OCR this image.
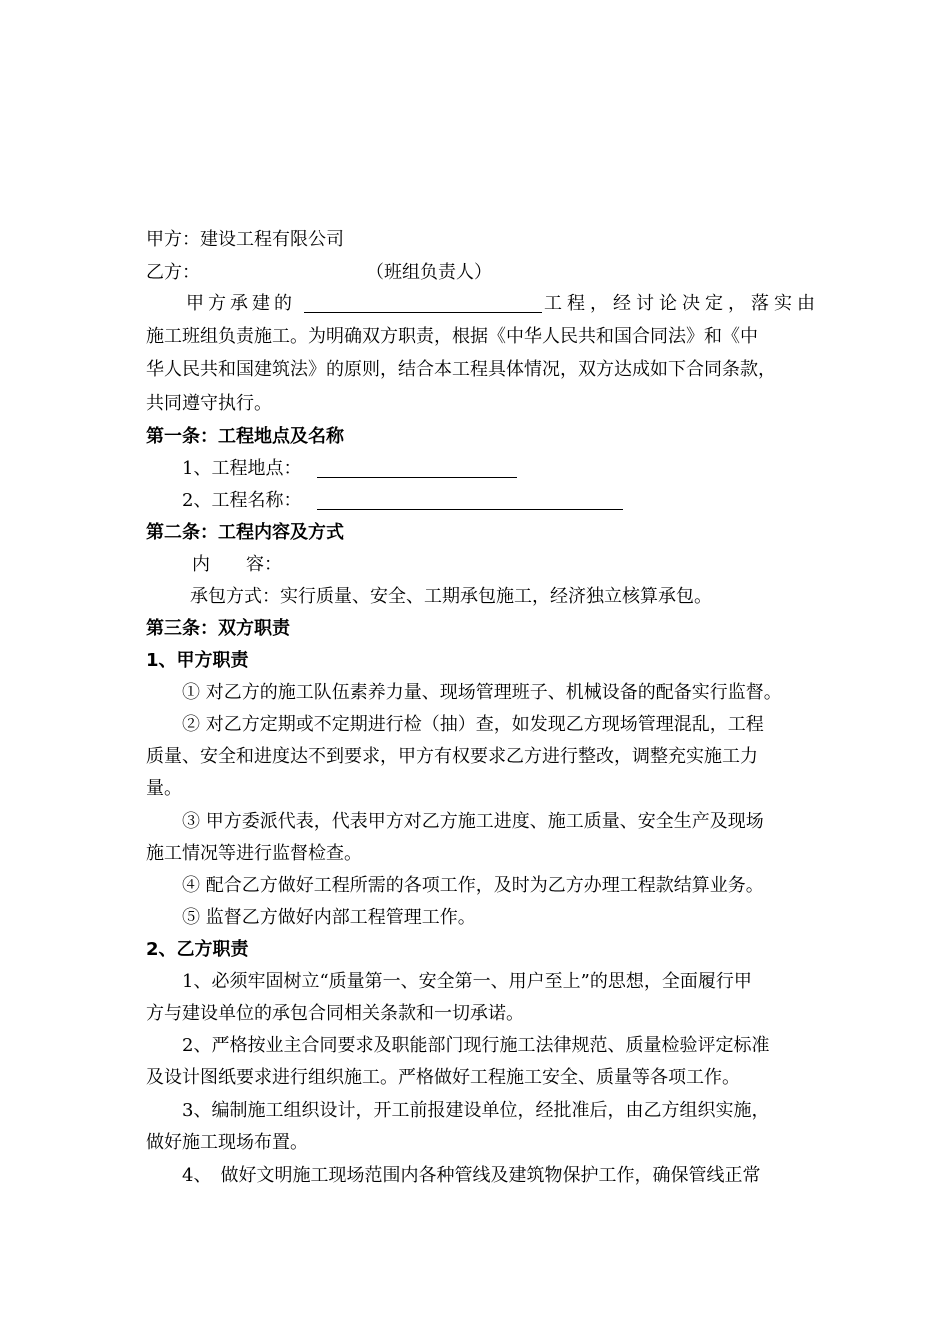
甲方：建设工程有限公司
乙方：	（班组负责人）
甲方承建的	工程，经讨论决定，落实由
施工班组负责施工。为明确双方职责，根据《中华人民共和国合同法》和《中
华人民共和国建筑法》的原则，结合本工程具体情况，双方达成如下合同条款，
共同遵守执行。
第一条：工程地点及名称
1、工程地点：
2、工程名称：
第二条：工程内容及方式
内　　容：
承包方式：实行质量、安全、工期承包施工，经济独立核算承包。
第三条：双方职责
1、甲方职责
① 对乙方的施工队伍素养力量、现场管理班子、机械设备的配备实行监督。
② 对乙方定期或不定期进行检（抽）查，如发现乙方现场管理混乱，工程
质量、安全和进度达不到要求，甲方有权要求乙方进行整改，调整充实施工力
量。
③ 甲方委派代表，代表甲方对乙方施工进度、施工质量、安全生产及现场
施工情况等进行监督检查。
④ 配合乙方做好工程所需的各项工作，及时为乙方办理工程款结算业务。
⑤ 监督乙方做好内部工程管理工作。
2、乙方职责
1、必须牢固树立“质量第一、安全第一、用户至上”的思想，全面履行甲
方与建设单位的承包合同相关条款和一切承诺。
2、严格按业主合同要求及职能部门现行施工法律规范、质量检验评定标准
及设计图纸要求进行组织施工。严格做好工程施工安全、质量等各项工作。
3、编制施工组织设计，开工前报建设单位，经批准后，由乙方组织实施，
做好施工现场布置。
4、　做好文明施工现场范围内各种管线及建筑物保护工作，确保管线正常
